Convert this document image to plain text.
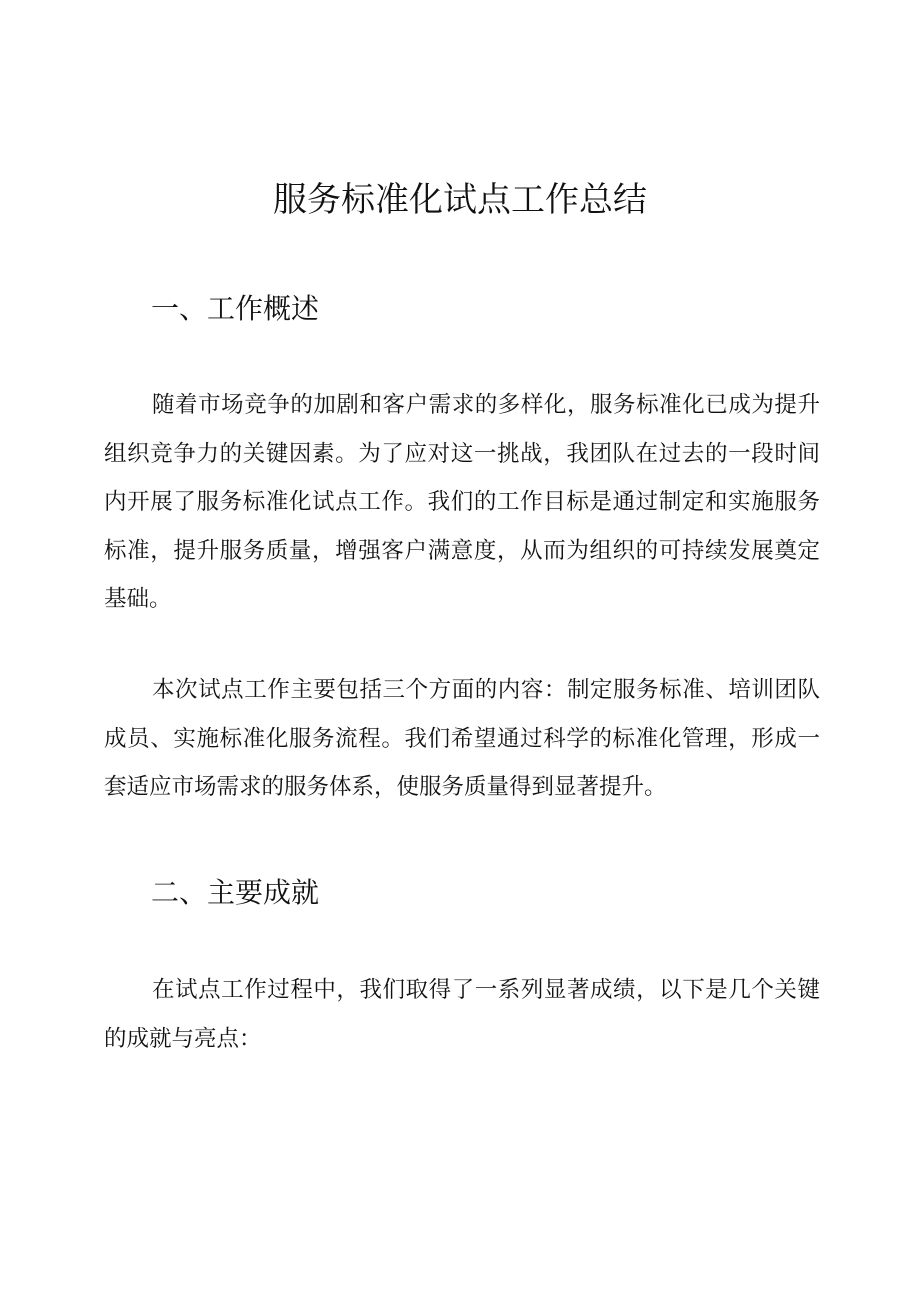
服务标准化试点工作总结
一、工作概述

随着市场竞争的加剧和客户需求的多样化，服务标准化已成为提升组织竞争力的关键因素。为了应对这一挑战，我团队在过去的一段时间内开展了服务标准化试点工作。我们的工作目标是通过制定和实施服务标准，提升服务质量，增强客户满意度，从而为组织的可持续发展奠定基础。

本次试点工作主要包括三个方面的内容：制定服务标准、培训团队成员、实施标准化服务流程。我们希望通过科学的标准化管理，形成一套适应市场需求的服务体系，使服务质量得到显著提升。

二、主要成就

在试点工作过程中，我们取得了一系列显著成绩，以下是几个关键的成就与亮点：
